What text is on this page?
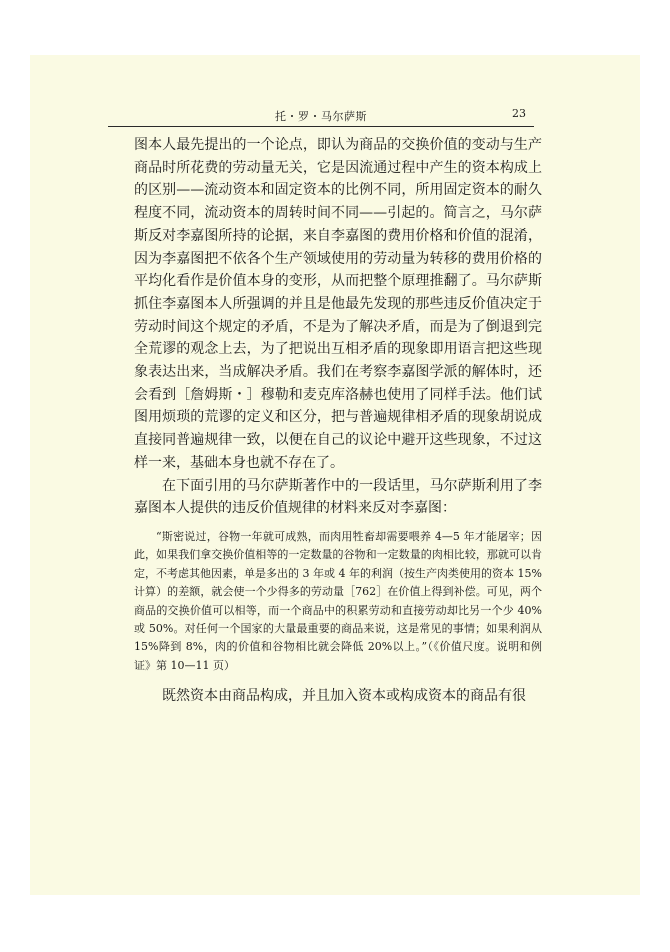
托・罗・马尔萨斯	23

图本人最先提出的一个论点，即认为商品的交换价值的变动与生产商品时所花费的劳动量无关，它是因流通过程中产生的资本构成上的区别——流动资本和固定资本的比例不同，所用固定资本的耐久程度不同，流动资本的周转时间不同——引起的。简言之，马尔萨斯反对李嘉图所持的论据，来自李嘉图的费用价格和价值的混淆，因为李嘉图把不依各个生产领域使用的劳动量为转移的费用价格的平均化看作是价值本身的变形，从而把整个原理推翻了。马尔萨斯抓住李嘉图本人所强调的并且是他最先发现的那些违反价值决定于劳动时间这个规定的矛盾，不是为了解决矛盾，而是为了倒退到完全荒谬的观念上去，为了把说出互相矛盾的现象即用语言把这些现象表达出来，当成解决矛盾。我们在考察李嘉图学派的解体时，还会看到［詹姆斯・］穆勒和麦克库洛赫也使用了同样手法。他们试图用烦琐的荒谬的定义和区分，把与普遍规律相矛盾的现象胡说成直接同普遍规律一致，以便在自己的议论中避开这些现象，不过这样一来，基础本身也就不存在了。

在下面引用的马尔萨斯著作中的一段话里，马尔萨斯利用了李嘉图本人提供的违反价值规律的材料来反对李嘉图：

“斯密说过，谷物一年就可成熟，而肉用牲畜却需要喂养 4—5 年才能屠宰；因此，如果我们拿交换价值相等的一定数量的谷物和一定数量的肉相比较，那就可以肯定，不考虑其他因素，单是多出的 3 年或 4 年的利润（按生产肉类使用的资本 15%计算）的差额，就会使一个少得多的劳动量［762］在价值上得到补偿。可见，两个商品的交换价值可以相等，而一个商品中的积累劳动和直接劳动却比另一个少 40%或 50%。对任何一个国家的大量最重要的商品来说，这是常见的事情；如果利润从 15%降到 8%，肉的价值和谷物相比就会降低 20%以上。”（《价值尺度。说明和例证》第 10—11 页）

既然资本由商品构成，并且加入资本或构成资本的商品有很
